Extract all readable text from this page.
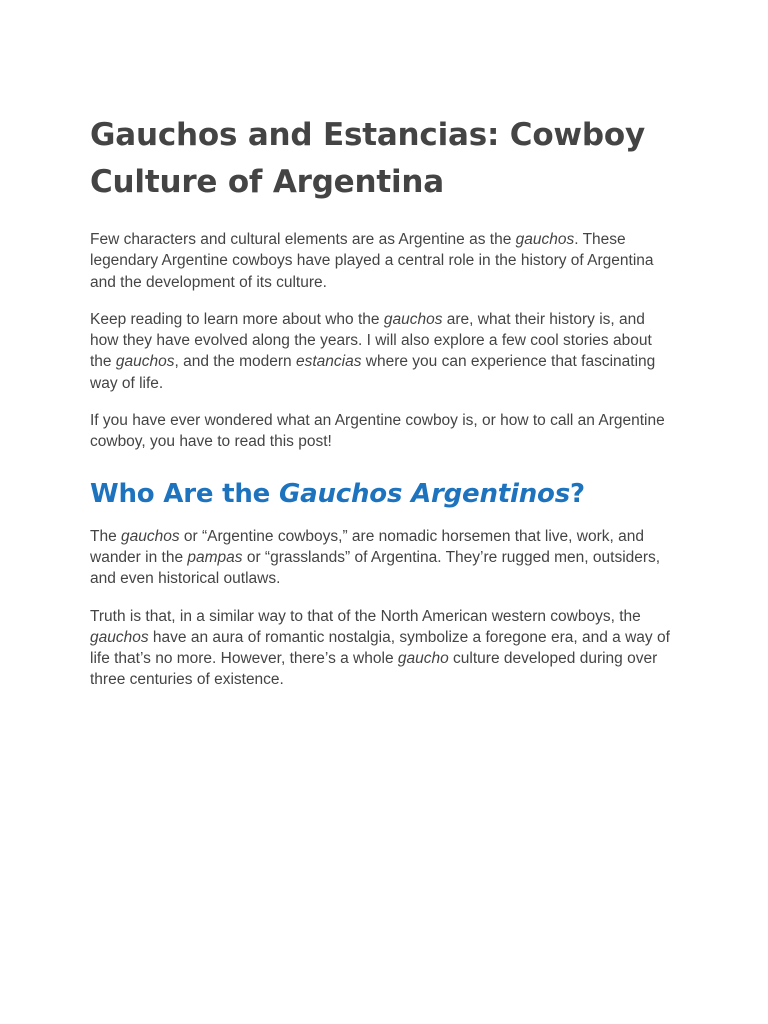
Gauchos and Estancias: Cowboy Culture of Argentina

Few characters and cultural elements are as Argentine as the gauchos. These legendary Argentine cowboys have played a central role in the history of Argentina and the development of its culture.

Keep reading to learn more about who the gauchos are, what their history is, and how they have evolved along the years. I will also explore a few cool stories about the gauchos, and the modern estancias where you can experience that fascinating way of life.

If you have ever wondered what an Argentine cowboy is, or how to call an Argentine cowboy, you have to read this post!

Who Are the Gauchos Argentinos?

The gauchos or “Argentine cowboys,” are nomadic horsemen that live, work, and wander in the pampas or “grasslands” of Argentina. They’re rugged men, outsiders, and even historical outlaws.

Truth is that, in a similar way to that of the North American western cowboys, the gauchos have an aura of romantic nostalgia, symbolize a foregone era, and a way of life that’s no more. However, there’s a whole gaucho culture developed during over three centuries of existence.
